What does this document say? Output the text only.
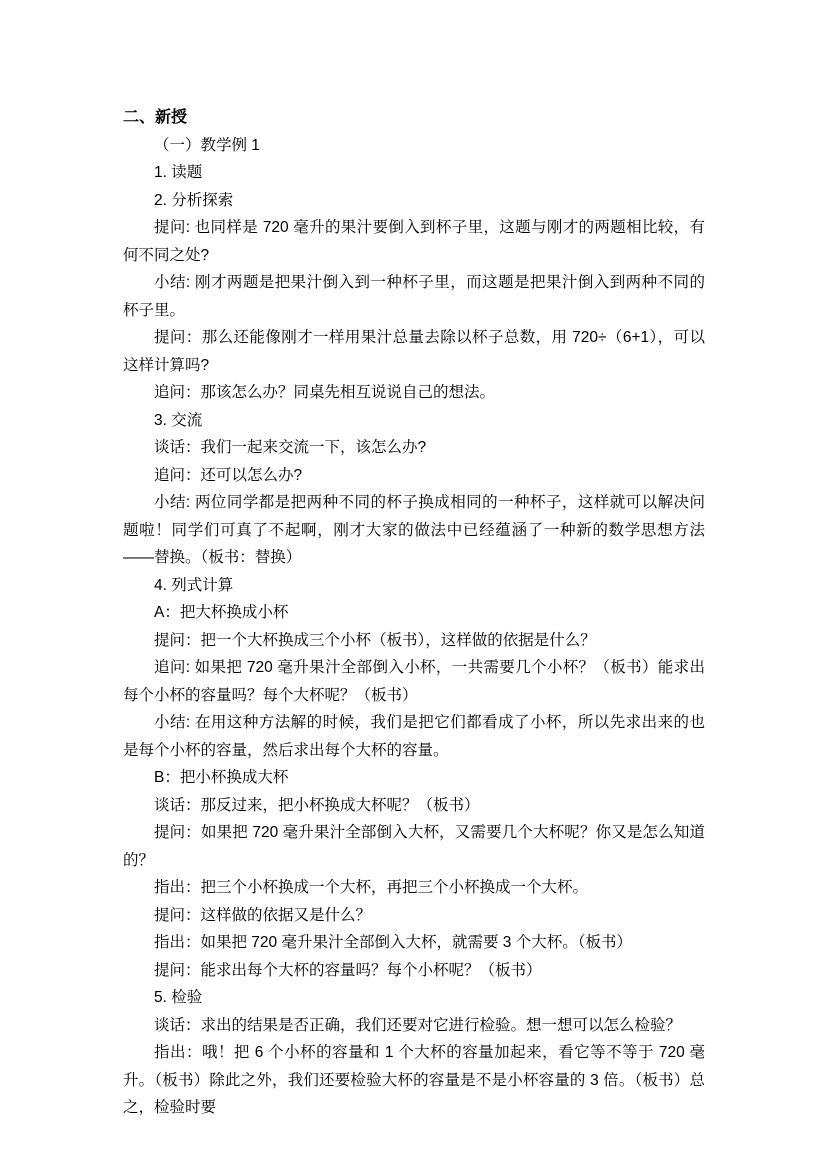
二、新授

（一）教学例 1

1. 读题

2. 分析探索

提问: 也同样是 720 毫升的果汁要倒入到杯子里，这题与刚才的两题相比较，有何不同之处?

小结: 刚才两题是把果汁倒入到一种杯子里，而这题是把果汁倒入到两种不同的杯子里。

提问：那么还能像刚才一样用果汁总量去除以杯子总数，用 720÷（6+1），可以这样计算吗?

追问：那该怎么办？同桌先相互说说自己的想法。

3. 交流

谈话：我们一起来交流一下，该怎么办?

追问：还可以怎么办?

小结: 两位同学都是把两种不同的杯子换成相同的一种杯子，这样就可以解决问题啦！同学们可真了不起啊，刚才大家的做法中已经蕴涵了一种新的数学思想方法——替换。（板书：替换）

4. 列式计算

A：把大杯换成小杯

提问：把一个大杯换成三个小杯（板书），这样做的依据是什么？

追问: 如果把 720 毫升果汁全部倒入小杯，一共需要几个小杯？（板书）能求出每个小杯的容量吗？每个大杯呢？（板书）

小结: 在用这种方法解的时候，我们是把它们都看成了小杯，所以先求出来的也是每个小杯的容量，然后求出每个大杯的容量。

B：把小杯换成大杯

谈话：那反过来，把小杯换成大杯呢？（板书）

提问：如果把 720 毫升果汁全部倒入大杯，又需要几个大杯呢？你又是怎么知道的？

指出：把三个小杯换成一个大杯，再把三个小杯换成一个大杯。

提问：这样做的依据又是什么？

指出：如果把 720 毫升果汁全部倒入大杯，就需要 3 个大杯。（板书）

提问：能求出每个大杯的容量吗？每个小杯呢？（板书）

5. 检验

谈话：求出的结果是否正确，我们还要对它进行检验。想一想可以怎么检验？

指出：哦！把 6 个小杯的容量和 1 个大杯的容量加起来，看它等不等于 720 毫升。（板书）除此之外，我们还要检验大杯的容量是不是小杯容量的 3 倍。（板书）总之，检验时要
